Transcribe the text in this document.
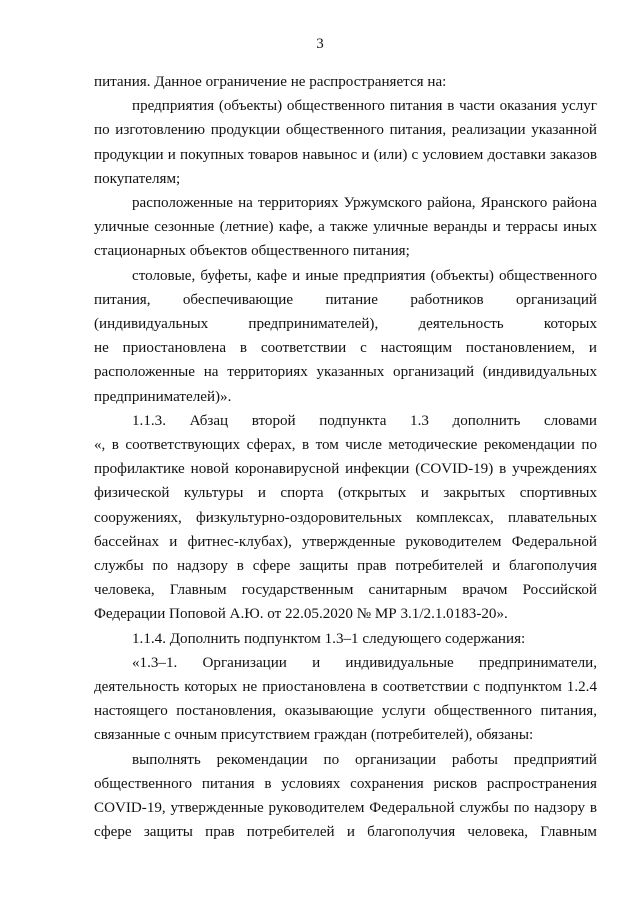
3
питания. Данное ограничение не распространяется на:
предприятия (объекты) общественного питания в части оказания услуг
по изготовлению продукции общественного питания, реализации указанной
продукции и покупных товаров навынос и (или) с условием доставки заказов
покупателям;
расположенные на территориях Уржумского района, Яранского района
уличные сезонные (летние) кафе, а также уличные веранды и террасы иных
стационарных объектов общественного питания;
столовые, буфеты, кафе и иные предприятия (объекты) общественного
питания, обеспечивающие питание работников организаций
(индивидуальных предпринимателей), деятельность которых
не приостановлена в соответствии с настоящим постановлением, и
расположенные на территориях указанных организаций (индивидуальных
предпринимателей)».
1.1.3. Абзац второй подпункта 1.3 дополнить словами
«, в соответствующих сферах, в том числе методические рекомендации по
профилактике новой коронавирусной инфекции (COVID-19) в учреждениях
физической культуры и спорта (открытых и закрытых спортивных
сооружениях, физкультурно-оздоровительных комплексах, плавательных
бассейнах и фитнес-клубах), утвержденные руководителем Федеральной
службы по надзору в сфере защиты прав потребителей и благополучия
человека, Главным государственным санитарным врачом Российской
Федерации Поповой А.Ю. от 22.05.2020 № МР 3.1/2.1.0183-20».
1.1.4. Дополнить подпунктом 1.3–1 следующего содержания:
«1.3–1. Организации и индивидуальные предприниматели,
деятельность которых не приостановлена в соответствии с подпунктом 1.2.4
настоящего постановления, оказывающие услуги общественного питания,
связанные с очным присутствием граждан (потребителей), обязаны:
выполнять рекомендации по организации работы предприятий
общественного питания в условиях сохранения рисков распространения
COVID-19, утвержденные руководителем Федеральной службы по надзору в
сфере защиты прав потребителей и благополучия человека, Главным
